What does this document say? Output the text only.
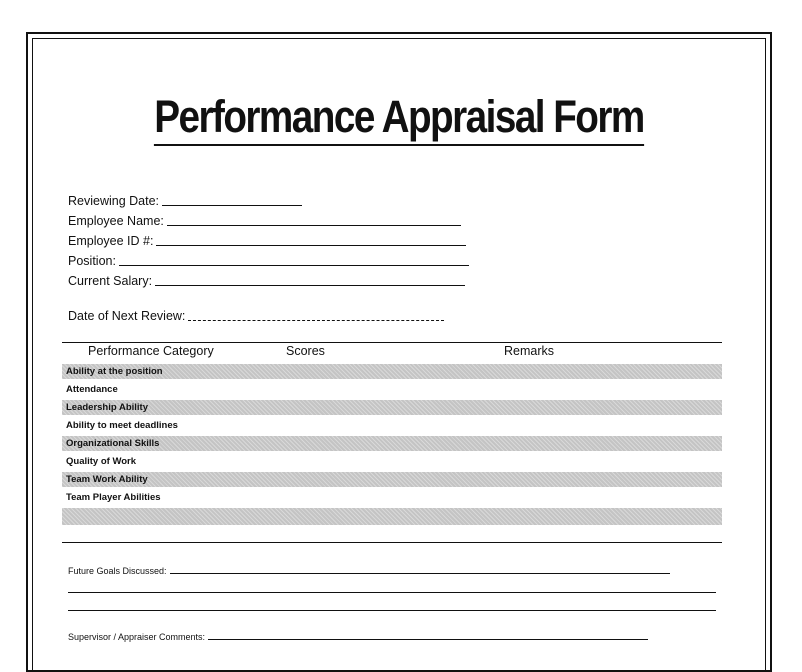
Performance Appraisal Form
Reviewing Date:
Employee Name:
Employee ID #:
Position:
Current Salary:
Date of Next Review:
Performance Category	Scores	Remarks
Ability at the position
Attendance
Leadership Ability
Ability to meet deadlines
Organizational Skills
Quality of Work
Team Work Ability
Team Player Abilities
Future Goals Discussed:
Supervisor / Appraiser Comments:
